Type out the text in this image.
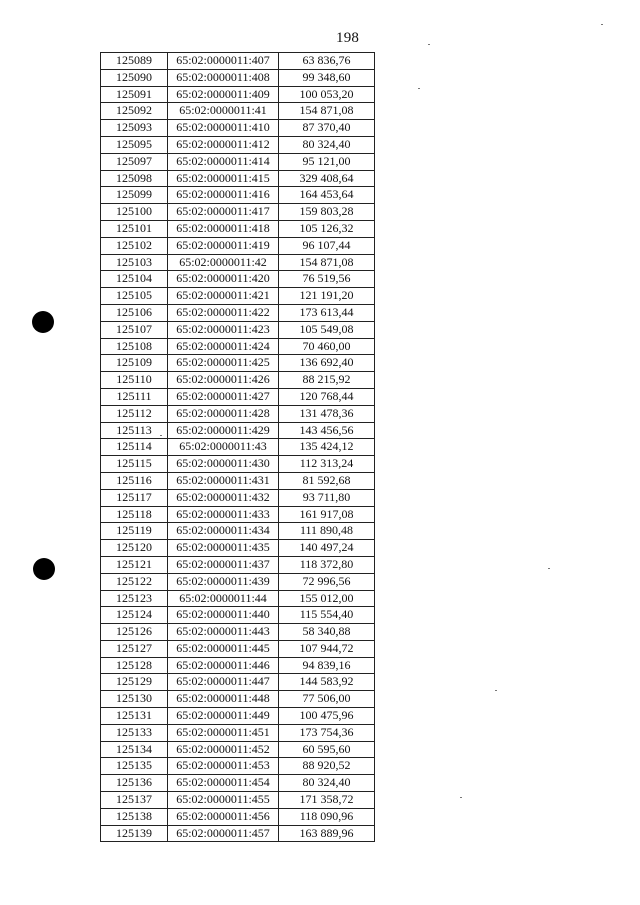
198
125089	65:02:0000011:407	63 836,76
125090	65:02:0000011:408	99 348,60
125091	65:02:0000011:409	100 053,20
125092	65:02:0000011:41	154 871,08
125093	65:02:0000011:410	87 370,40
125095	65:02:0000011:412	80 324,40
125097	65:02:0000011:414	95 121,00
125098	65:02:0000011:415	329 408,64
125099	65:02:0000011:416	164 453,64
125100	65:02:0000011:417	159 803,28
125101	65:02:0000011:418	105 126,32
125102	65:02:0000011:419	96 107,44
125103	65:02:0000011:42	154 871,08
125104	65:02:0000011:420	76 519,56
125105	65:02:0000011:421	121 191,20
125106	65:02:0000011:422	173 613,44
125107	65:02:0000011:423	105 549,08
125108	65:02:0000011:424	70 460,00
125109	65:02:0000011:425	136 692,40
125110	65:02:0000011:426	88 215,92
125111	65:02:0000011:427	120 768,44
125112	65:02:0000011:428	131 478,36
125113	65:02:0000011:429	143 456,56
125114	65:02:0000011:43	135 424,12
125115	65:02:0000011:430	112 313,24
125116	65:02:0000011:431	81 592,68
125117	65:02:0000011:432	93 711,80
125118	65:02:0000011:433	161 917,08
125119	65:02:0000011:434	111 890,48
125120	65:02:0000011:435	140 497,24
125121	65:02:0000011:437	118 372,80
125122	65:02:0000011:439	72 996,56
125123	65:02:0000011:44	155 012,00
125124	65:02:0000011:440	115 554,40
125126	65:02:0000011:443	58 340,88
125127	65:02:0000011:445	107 944,72
125128	65:02:0000011:446	94 839,16
125129	65:02:0000011:447	144 583,92
125130	65:02:0000011:448	77 506,00
125131	65:02:0000011:449	100 475,96
125133	65:02:0000011:451	173 754,36
125134	65:02:0000011:452	60 595,60
125135	65:02:0000011:453	88 920,52
125136	65:02:0000011:454	80 324,40
125137	65:02:0000011:455	171 358,72
125138	65:02:0000011:456	118 090,96
125139	65:02:0000011:457	163 889,96
